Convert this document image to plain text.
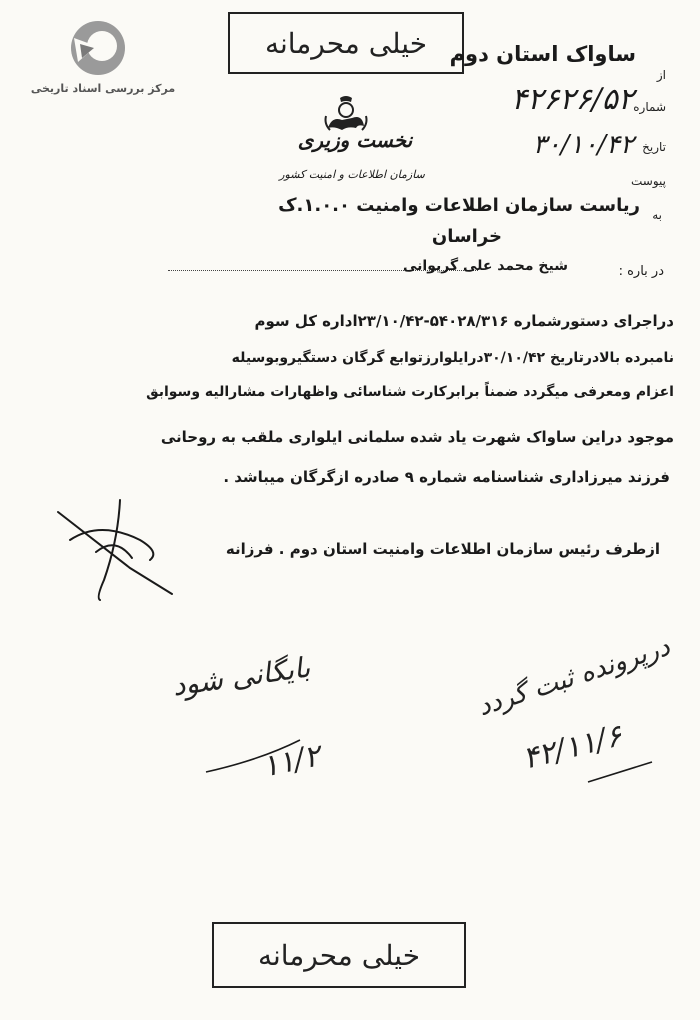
مرکز بررسی اسناد تاریخی
خیلی محرمانه
خیلی محرمانه
نخست وزیری
سازمان اطلاعات و امنیت کشور
از
ساواک استان دوم
شماره
۴۲۶۲۶/۵۲
تاریخ
۳۰/۱۰/۴۲
پیوست
به
ریاست سازمان اطلاعات وامنیت ۱.۰.۰.ک
خراسان
در باره :
شیخ محمد علی گریوانی
دراجرای دستورشماره ۵۴۰۲۸/۳۱۶-۲۳/۱۰/۴۲اداره کل سوم
نامبرده بالادرتاریخ ۳۰/۱۰/۴۲درایلوارزتوابع گرگان دستگیروبوسیله
اعزام ومعرفی میگردد ضمناً برابرکارت شناسائی واظهارات مشارالیه وسوابق
موجود دراین ساواک شهرت یاد شده سلمانی ایلواری ملقب به روحانی
فرزند میرزاداری شناسنامه شماره ۹ صادره ازگرگان میباشد .
ازطرف رئیس سازمان اطلاعات وامنیت استان دوم . فرزانه
بایگانی شود
۱۱/۲
درپرونده ثبت گردد
۴۲/۱۱/۶
